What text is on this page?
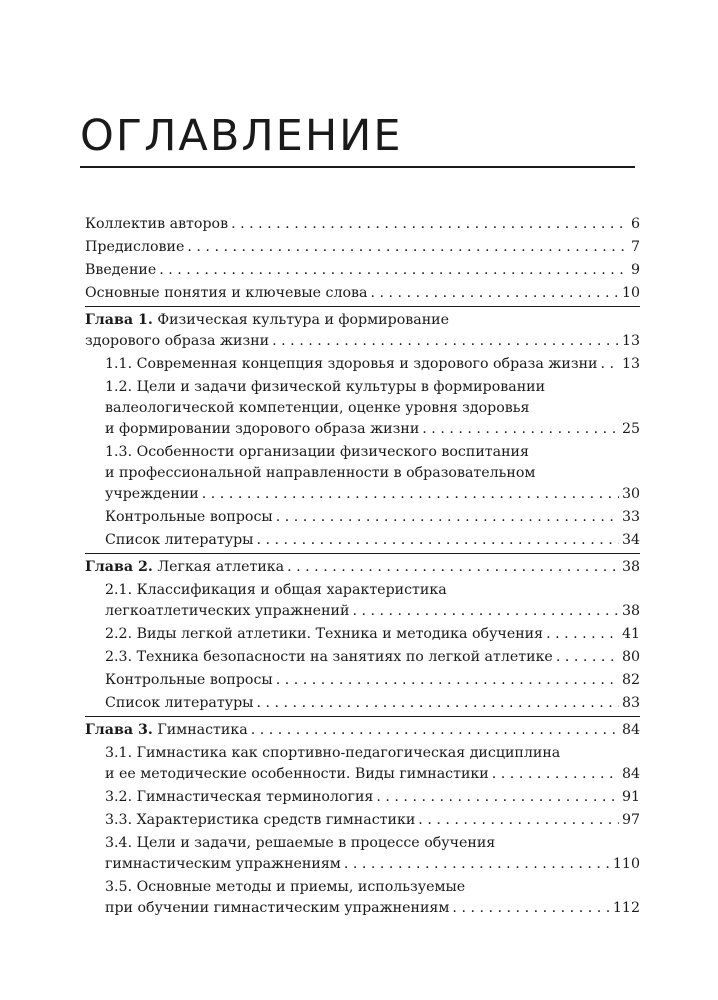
ОГЛАВЛЕНИЕ
Коллектив авторов . . .	6
Предисловие . . .	7
Введение . . .	9
Основные понятия и ключевые слова . . .	10
Глава 1. Физическая культура и формирование
здорового образа жизни . . .	13
1.1. Современная концепция здоровья и здорового образа жизни . . . 13
1.2. Цели и задачи физической культуры в формировании
валеологической компетенции, оценке уровня здоровья
и формировании здорового образа жизни . . .	25
1.3. Особенности организации физического воспитания
и профессиональной направленности в образовательном
учреждении . . .	30
Контрольные вопросы . . .	33
Список литературы . . .	34
Глава 2. Легкая атлетика . . .	38
2.1. Классификация и общая характеристика
легкоатлетических упражнений . . .	38
2.2. Виды легкой атлетики. Техника и методика обучения . . .	41
2.3. Техника безопасности на занятиях по легкой атлетике . . .	80
Контрольные вопросы . . .	82
Список литературы . . .	83
Глава 3. Гимнастика . . .	84
3.1. Гимнастика как спортивно-педагогическая дисциплина
и ее методические особенности. Виды гимнастики . . .	84
3.2. Гимнастическая терминология . . .	91
3.3. Характеристика средств гимнастики . . .	97
3.4. Цели и задачи, решаемые в процессе обучения
гимнастическим упражнениям . . .	110
3.5. Основные методы и приемы, используемые
при обучении гимнастическим упражнениям . . .	112
